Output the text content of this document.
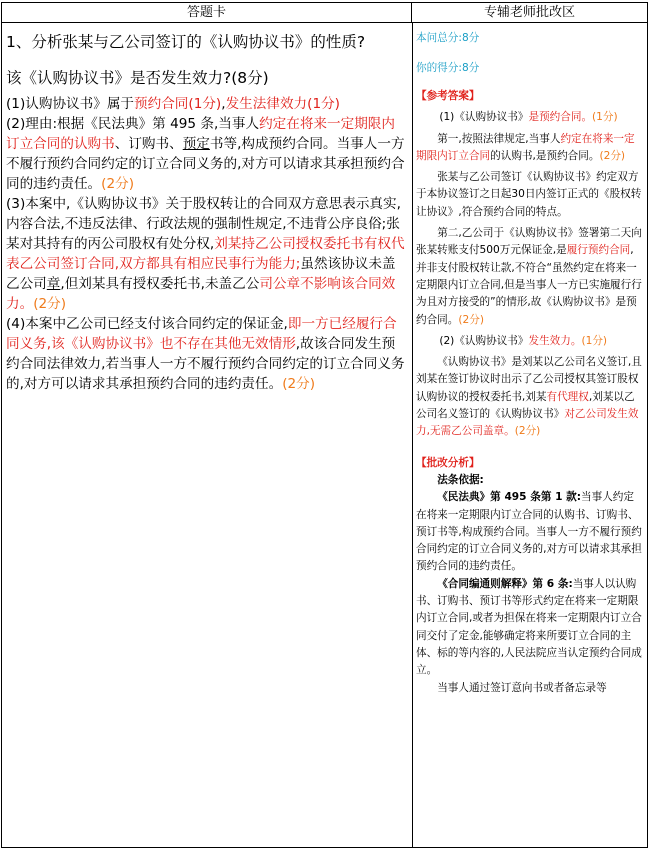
答题卡	专辅老师批改区

1、分析张某与乙公司签订的《认购协议书》的性质?

该《认购协议书》是否发生效力?(8分)

(1)认购协议书》属于预约合同(1分),发生法律效力(1分)

(2)理由:根据《民法典》第 495 条,当事人约定在将来一定期限内订立合同的认购书、订购书、预定书等,构成预约合同。当事人一方不履行预约合同约定的订立合同义务的,对方可以请求其承担预约合同的违约责任。(2分)

(3)本案中,《认购协议书》关于股权转让的合同双方意思表示真实,内容合法,不违反法律、行政法规的强制性规定,不违背公序良俗;张某对其持有的丙公司股权有处分权,刘某持乙公司授权委托书有权代表乙公司签订合同,双方都具有相应民事行为能力;虽然该协议未盖乙公司章,但刘某具有授权委托书,未盖乙公司公章不影响该合同效力。(2分)

(4)本案中乙公司已经支付该合同约定的保证金,即一方已经履行合同义务,该《认购协议书》也不存在其他无效情形,故该合同发生预约合同法律效力,若当事人一方不履行预约合同约定的订立合同义务的,对方可以请求其承担预约合同的违约责任。(2分)

本问总分:8分

你的得分:8分

【参考答案】

(1)《认购协议书》是预约合同。(1分)

第一,按照法律规定,当事人约定在将来一定期限内订立合同的认购书,是预约合同。(2分)

张某与乙公司签订《认购协议书》约定双方于本协议签订之日起30日内签订正式的《股权转让协议》,符合预约合同的特点。

第二,乙公司于《认购协议书》签署第二天向张某转账支付500万元保证金,是履行预约合同,并非支付股权转让款,不符合“虽然约定在将来一定期限内订立合同,但是当事人一方已实施履行行为且对方接受的”的情形,故《认购协议书》是预约合同。(2分)

(2)《认购协议书》发生效力。(1分)

《认购协议书》是刘某以乙公司名义签订,且刘某在签订协议时出示了乙公司授权其签订股权认购协议的授权委托书,刘某有代理权,刘某以乙公司名义签订的《认购协议书》对乙公司发生效力,无需乙公司盖章。(2分)

【批改分析】

法条依据:

《民法典》第 495 条第 1 款:当事人约定在将来一定期限内订立合同的认购书、订购书、预订书等,构成预约合同。当事人一方不履行预约合同约定的订立合同义务的,对方可以请求其承担预约合同的违约责任。

《合同编通则解释》第 6 条:当事人以认购书、订购书、预订书等形式约定在将来一定期限内订立合同,或者为担保在将来一定期限内订立合同交付了定金,能够确定将来所要订立合同的主体、标的等内容的,人民法院应当认定预约合同成立。

当事人通过签订意向书或者备忘录等
